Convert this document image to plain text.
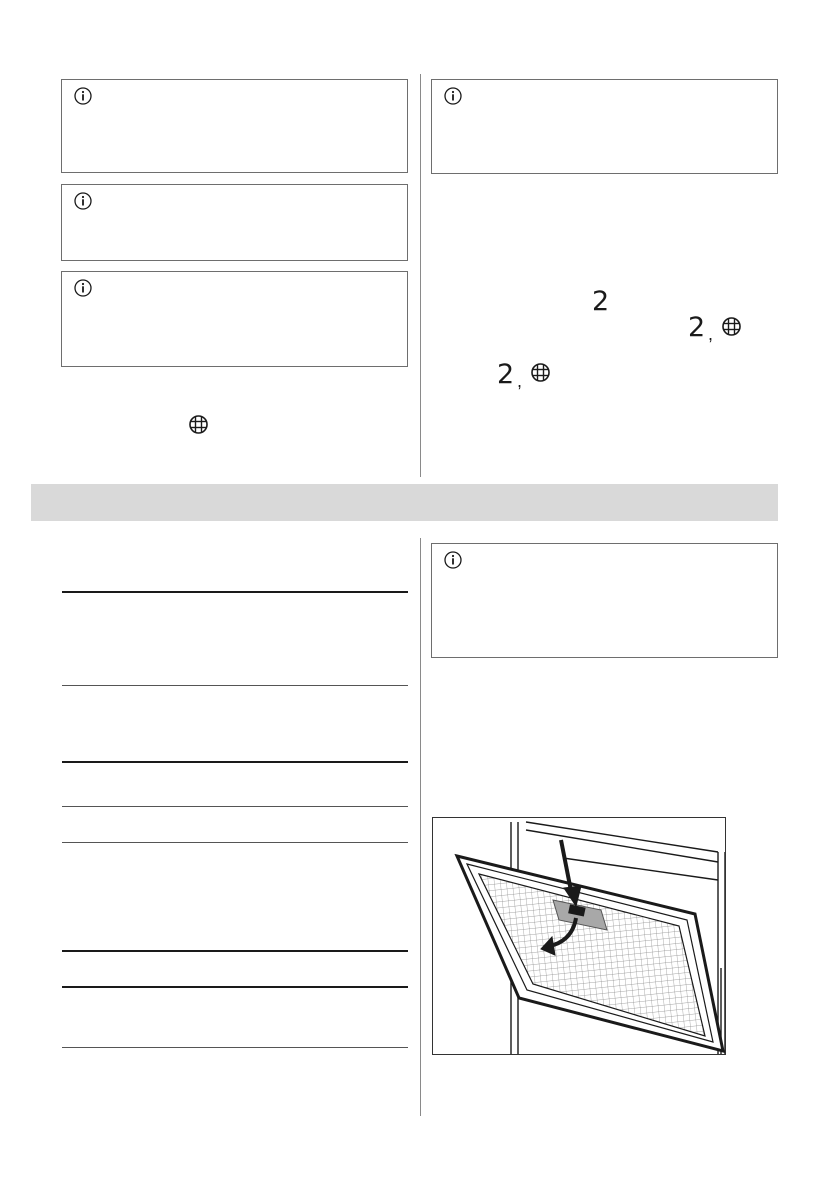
2
2 ,
2 ,
